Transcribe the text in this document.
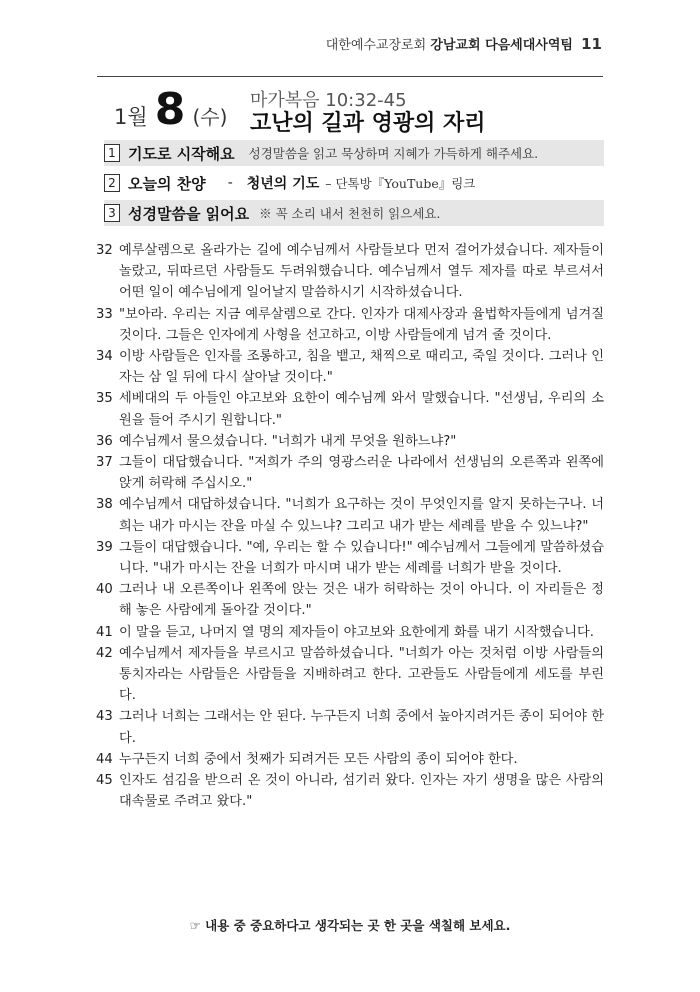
대한예수교장로회 강남교회 다음세대사역팀 11
1월 8 (수)
마가복음 10:32-45
고난의 길과 영광의 자리
1 기도로 시작해요 성경말씀을 읽고 묵상하며 지혜가 가득하게 해주세요.
2 오늘의 찬양 - 청년의 기도 – 단톡방『YouTube』링크
3 성경말씀을 읽어요 ※ 꼭 소리 내서 천천히 읽으세요.
32 예루살렘으로 올라가는 길에 예수님께서 사람들보다 먼저 걸어가셨습니다. 제자들이 놀랐고, 뒤따르던 사람들도 두려워했습니다. 예수님께서 열두 제자를 따로 부르셔서 어떤 일이 예수님에게 일어날지 말씀하시기 시작하셨습니다.
33 "보아라. 우리는 지금 예루살렘으로 간다. 인자가 대제사장과 율법학자들에게 넘겨질 것이다. 그들은 인자에게 사형을 선고하고, 이방 사람들에게 넘겨 줄 것이다.
34 이방 사람들은 인자를 조롱하고, 침을 뱉고, 채찍으로 때리고, 죽일 것이다. 그러나 인자는 삼 일 뒤에 다시 살아날 것이다."
35 세베대의 두 아들인 야고보와 요한이 예수님께 와서 말했습니다. "선생님, 우리의 소원을 들어 주시기 원합니다."
36 예수님께서 물으셨습니다. "너희가 내게 무엇을 원하느냐?"
37 그들이 대답했습니다. "저희가 주의 영광스러운 나라에서 선생님의 오른쪽과 왼쪽에 앉게 허락해 주십시오."
38 예수님께서 대답하셨습니다. "너희가 요구하는 것이 무엇인지를 알지 못하는구나. 너희는 내가 마시는 잔을 마실 수 있느냐? 그리고 내가 받는 세례를 받을 수 있느냐?"
39 그들이 대답했습니다. "예, 우리는 할 수 있습니다!" 예수님께서 그들에게 말씀하셨습니다. "내가 마시는 잔을 너희가 마시며 내가 받는 세례를 너희가 받을 것이다.
40 그러나 내 오른쪽이나 왼쪽에 앉는 것은 내가 허락하는 것이 아니다. 이 자리들은 정해 놓은 사람에게 돌아갈 것이다."
41 이 말을 듣고, 나머지 열 명의 제자들이 야고보와 요한에게 화를 내기 시작했습니다.
42 예수님께서 제자들을 부르시고 말씀하셨습니다. "너희가 아는 것처럼 이방 사람들의 통치자라는 사람들은 사람들을 지배하려고 한다. 고관들도 사람들에게 세도를 부린다.
43 그러나 너희는 그래서는 안 된다. 누구든지 너희 중에서 높아지려거든 종이 되어야 한다.
44 누구든지 너희 중에서 첫째가 되려거든 모든 사람의 종이 되어야 한다.
45 인자도 섬김을 받으러 온 것이 아니라, 섬기러 왔다. 인자는 자기 생명을 많은 사람의 대속물로 주려고 왔다."
☞ 내용 중 중요하다고 생각되는 곳 한 곳을 색칠해 보세요.
